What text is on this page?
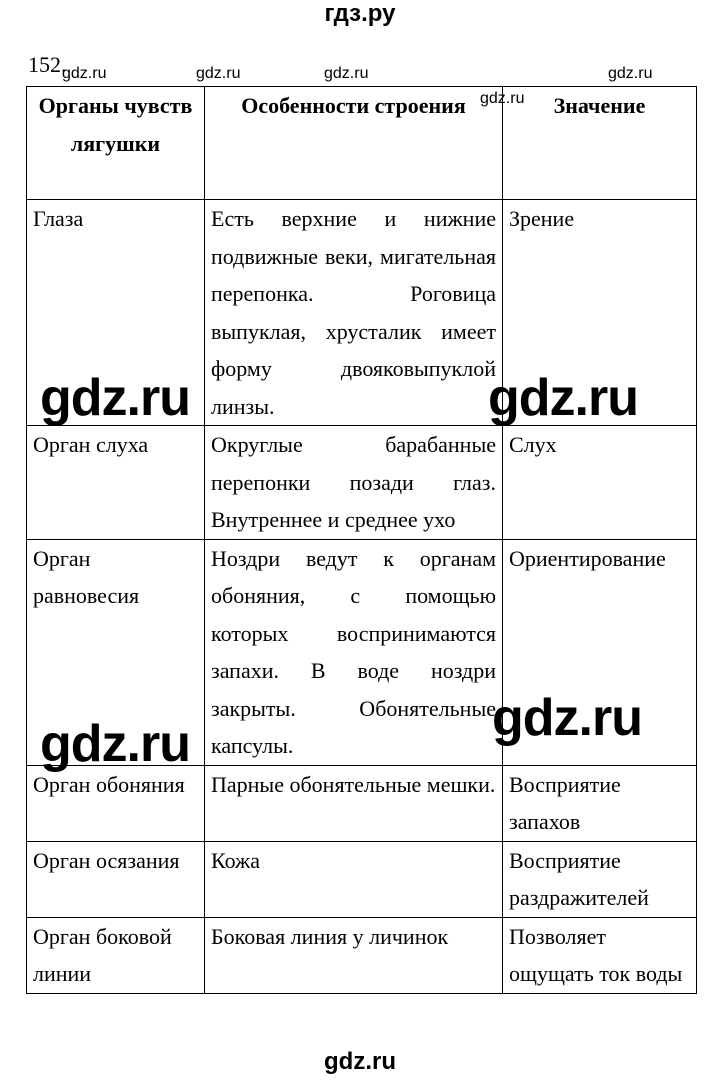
гдз.ру
152.
gdz.ru	gdz.ru	gdz.ru	gdz.ru
gdz.ru
Органы чувств лягушки	Особенности строения	Значение
Глаза	Есть верхние и нижние подвижные веки, мигательная перепонка. Роговица выпуклая, хрусталик имеет форму двояковыпуклой линзы.	Зрение
Орган слуха	Округлые барабанные перепонки позади глаз. Внутреннее и среднее ухо	Слух
Орган равновесия	Ноздри ведут к органам обоняния, с помощью которых воспринимаются запахи. В воде ноздри закрыты. Обонятельные капсулы.	Ориентирование
Орган обоняния	Парные обонятельные мешки.	Восприятие запахов
Орган осязания	Кожа	Восприятие раздражителей
Орган боковой линии	Боковая линия у личинок	Позволяет ощущать ток воды
gdz.ru	gdz.ru
gdz.ru
gdz.ru
gdz.ru
